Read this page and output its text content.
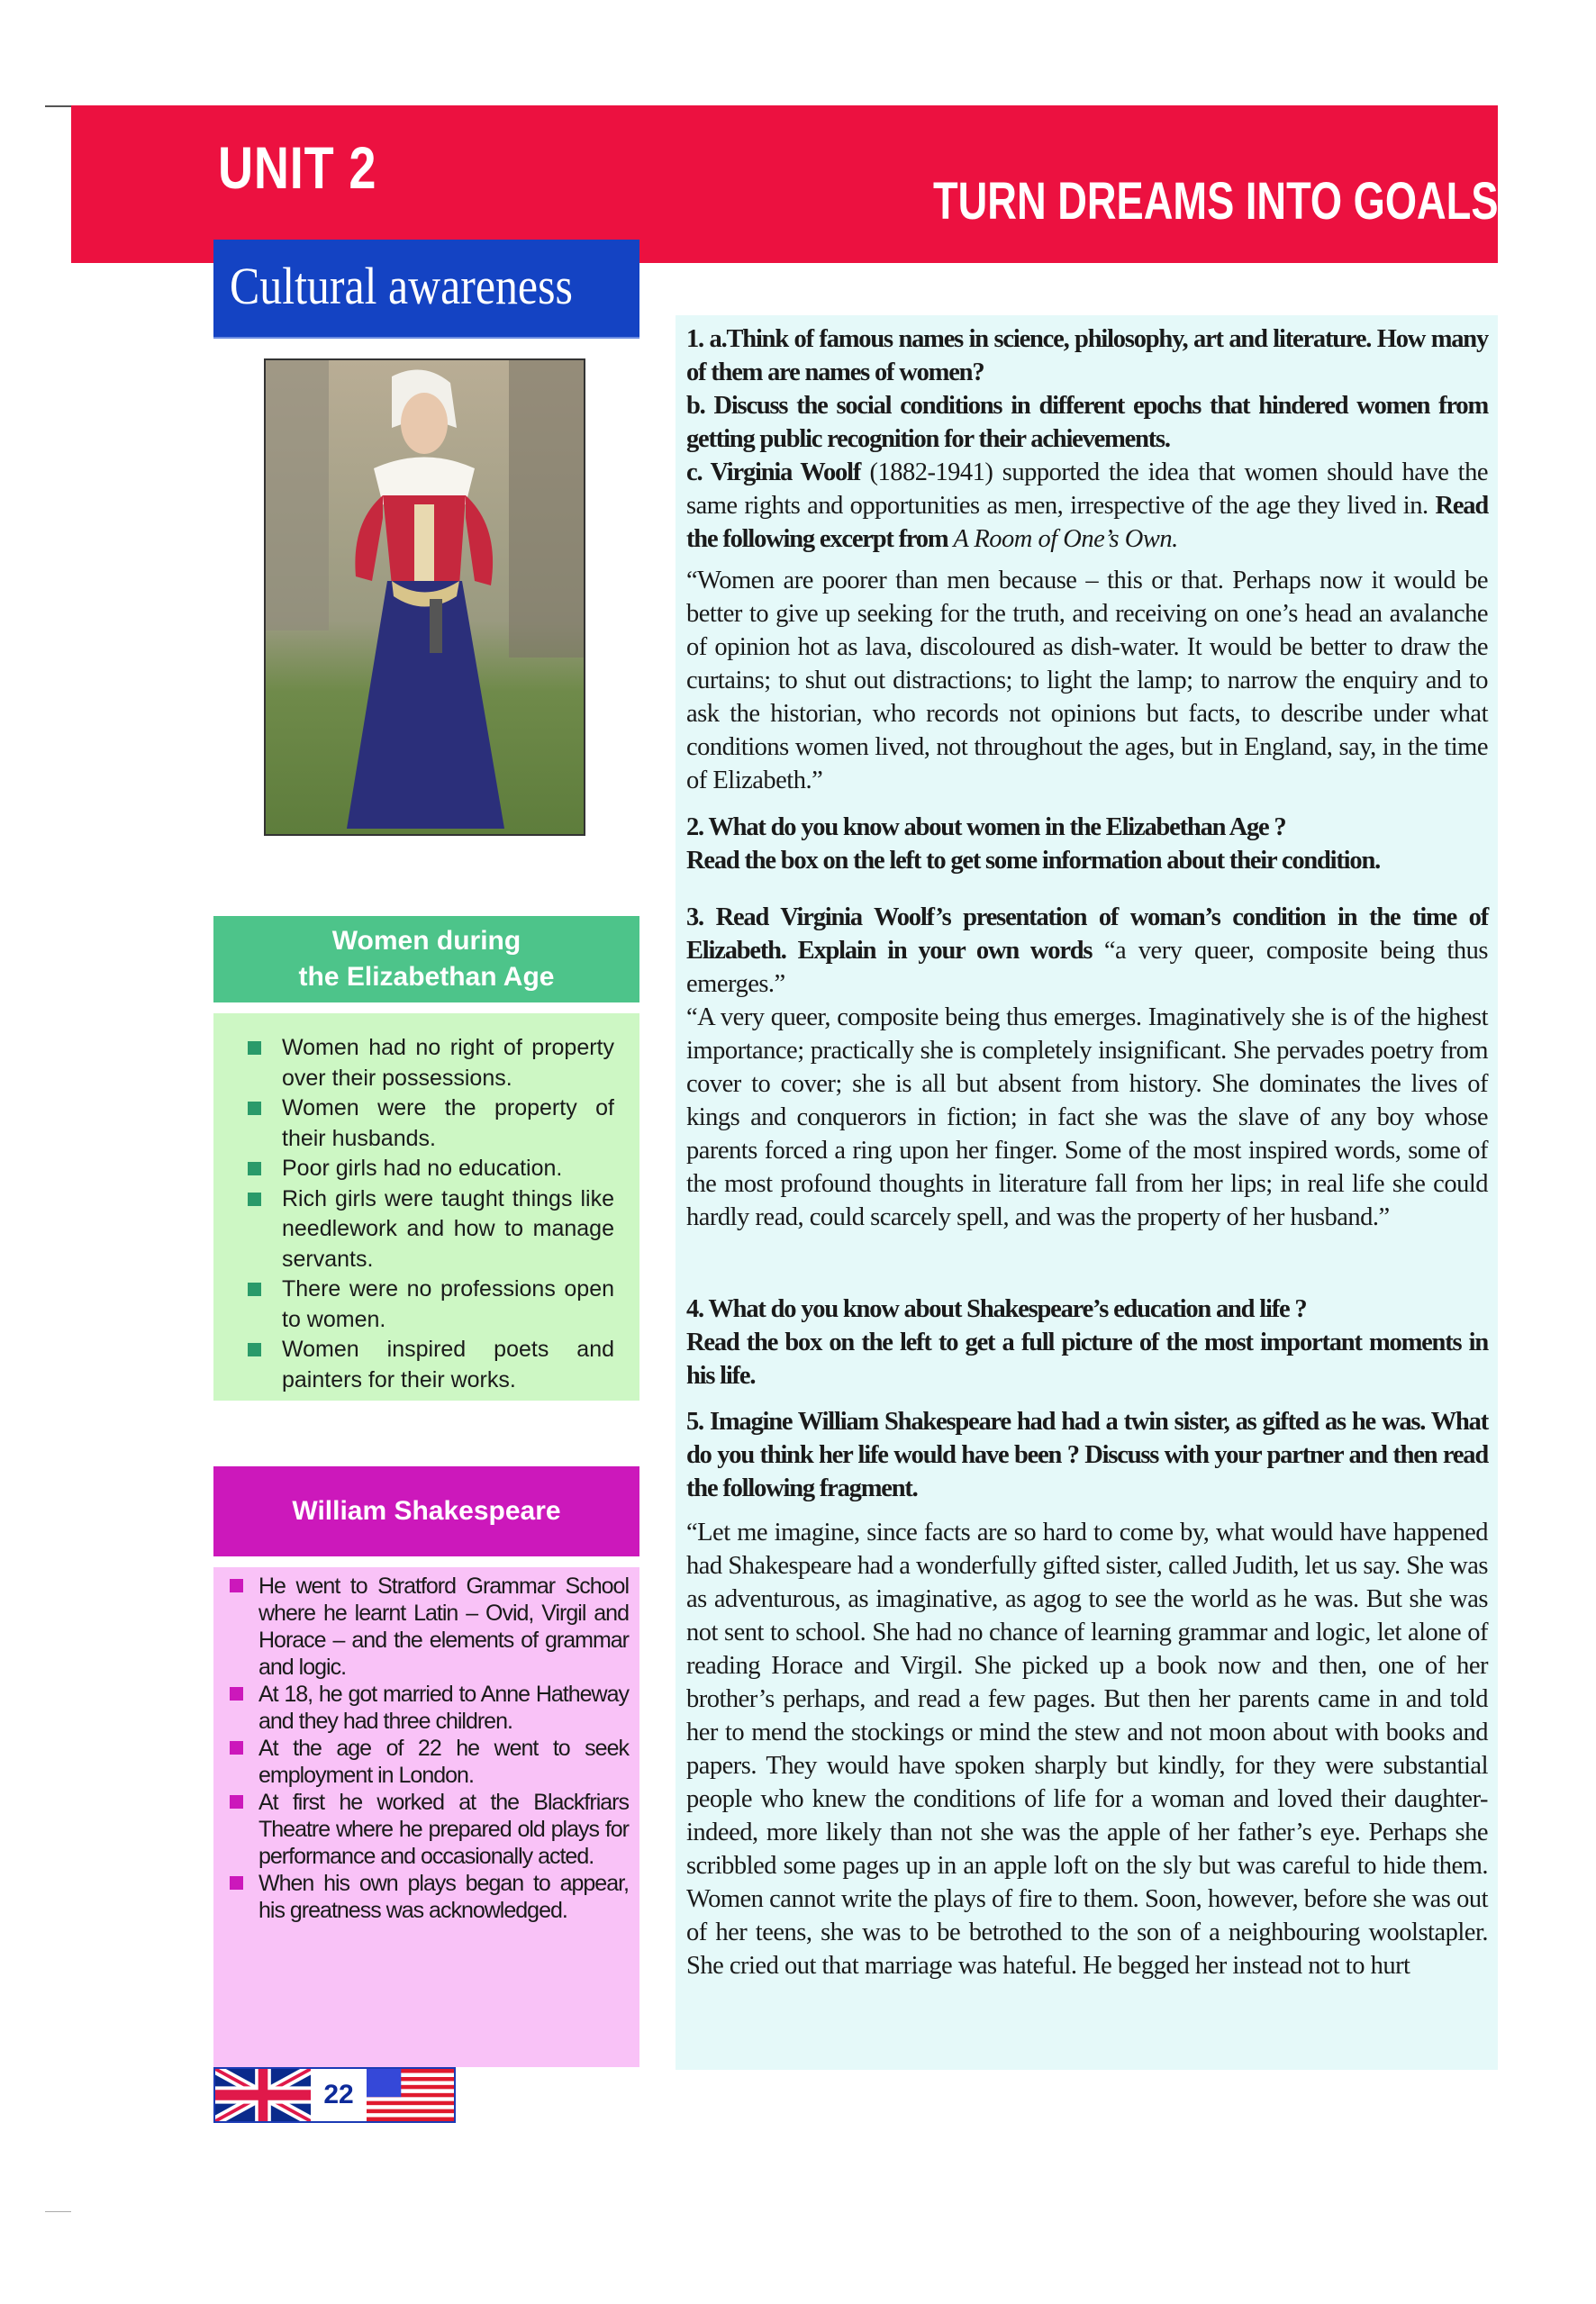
UNIT 2
TURN DREAMS INTO GOALS
Cultural awareness
Women during
the Elizabethan Age
Women had no right of property over their possessions.
Women were the property of their husbands.
Poor girls had no education.
Rich girls were taught things like needlework and how to manage servants.
There were no professions open to women.
Women inspired poets and painters for their works.
William Shakespeare
He went to Stratford Grammar School where he learnt Latin – Ovid, Virgil and Horace – and the elements of grammar and logic.
At 18, he got married to Anne Hatheway and they had three children.
At the age of 22 he went to seek employment in London.
At first he worked at the Blackfriars Theatre where he prepared old plays for performance and occasionally acted.
When his own plays began to appear, his greatness was acknowledged.
1. a.Think of famous names in science, philosophy, art and literature. How many of them are names of women?
b. Discuss the social conditions in different epochs that hindered women from getting public recognition for their achievements.
c. Virginia Woolf (1882-1941) supported the idea that women should have the same rights and opportunities as men, irrespective of the age they lived in. Read the following excerpt from A Room of One’s Own.
“Women are poorer than men because – this or that. Perhaps now it would be better to give up seeking for the truth, and receiving on one’s head an avalanche of opinion hot as lava, discoloured as dish-water. It would be better to draw the curtains; to shut out distractions; to light the lamp; to narrow the enquiry and to ask the historian, who records not opinions but facts, to describe under what conditions women lived, not throughout the ages, but in England, say, in the time of Elizabeth.”
2. What do you know about women in the Elizabethan Age ?
Read the box on the left to get some information about their condition.
3. Read Virginia Woolf’s presentation of woman’s condition in the time of Elizabeth. Explain in your own words “a very queer, composite being thus emerges.”
“A very queer, composite being thus emerges. Imaginatively she is of the highest importance; practically she is completely insignificant. She pervades poetry from cover to cover; she is all but absent from history. She dominates the lives of kings and conquerors in fiction; in fact she was the slave of any boy whose parents forced a ring upon her finger. Some of the most inspired words, some of the most profound thoughts in literature fall from her lips; in real life she could hardly read, could scarcely spell, and was the property of her husband.”
4. What do you know about Shakespeare’s education and life ?
Read the box on the left to get a full picture of the most important moments in his life.
5. Imagine William Shakespeare had had a twin sister, as gifted as he was. What do you think her life would have been ? Discuss with your partner and then read the following fragment.
“Let me imagine, since facts are so hard to come by, what would have happened had Shakespeare had a wonderfully gifted sister, called Judith, let us say. She was as adventurous, as imaginative, as agog to see the world as he was. But she was not sent to school. She had no chance of learning grammar and logic, let alone of reading Horace and Virgil. She picked up a book now and then, one of her brother’s perhaps, and read a few pages. But then her parents came in and told her to mend the stockings or mind the stew and not moon about with books and papers. They would have spoken sharply but kindly, for they were substantial people who knew the conditions of life for a woman and loved their daughter-indeed, more likely than not she was the apple of her father’s eye. Perhaps she scribbled some pages up in an apple loft on the sly but was careful to hide them. Women cannot write the plays of fire to them. Soon, however, before she was out of her teens, she was to be betrothed to the son of a neighbouring woolstapler. She cried out that marriage was hateful. He begged her instead not to hurt
22
